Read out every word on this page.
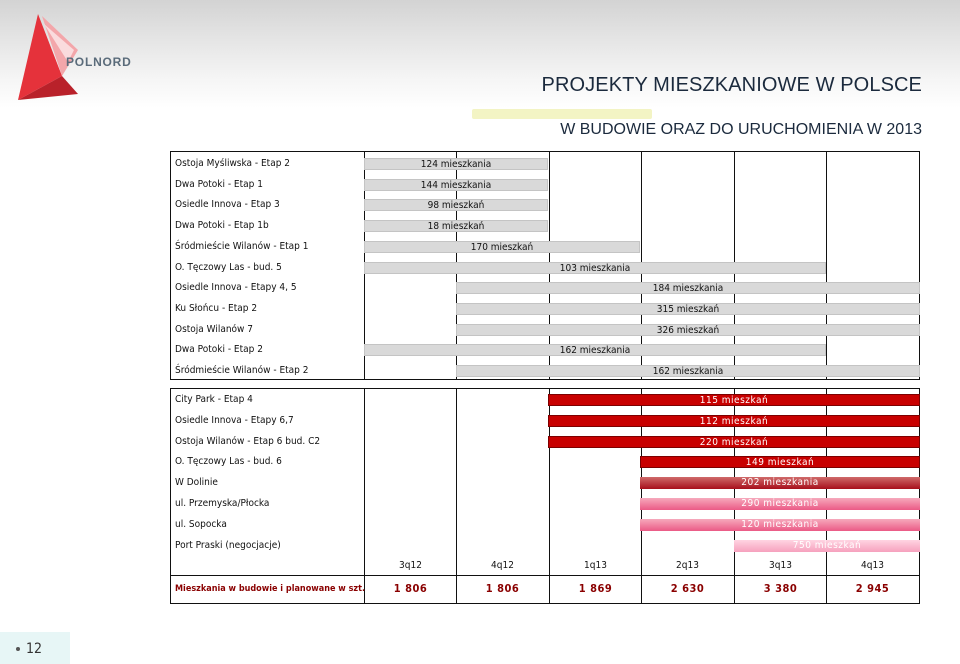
POLNORD
PROJEKTY MIESZKANIOWE W POLSCE
W BUDOWIE ORAZ DO URUCHOMIENIA W 2013
Ostoja Myśliwska - Etap 2	124 mieszkania
Dwa Potoki - Etap 1	144 mieszkania
Osiedle Innova - Etap 3	98 mieszkań
Dwa Potoki - Etap 1b	18 mieszkań
Śródmieście Wilanów - Etap 1	170 mieszkań
O. Tęczowy Las - bud. 5	103 mieszkania
Osiedle Innova - Etapy 4, 5	184 mieszkania
Ku Słońcu - Etap 2	315 mieszkań
Ostoja Wilanów 7	326 mieszkań
Dwa Potoki - Etap 2	162 mieszkania
Śródmieście Wilanów - Etap 2	162 mieszkania
City Park - Etap 4	115 mieszkań
Osiedle Innova - Etapy 6,7	112 mieszkań
Ostoja Wilanów - Etap 6 bud. C2	220 mieszkań
O. Tęczowy Las - bud. 6	149 mieszkań
W Dolinie	202 mieszkania
ul. Przemyska/Płocka	290 mieszkania
ul. Sopocka	120 mieszkania
Port Praski (negocjacje)	750 mieszkań
3q12	4q12	1q13	2q13	3q13	4q13
Mieszkania w budowie i planowane w szt.	1 806	1 806	1 869	2 630	3 380	2 945
12
